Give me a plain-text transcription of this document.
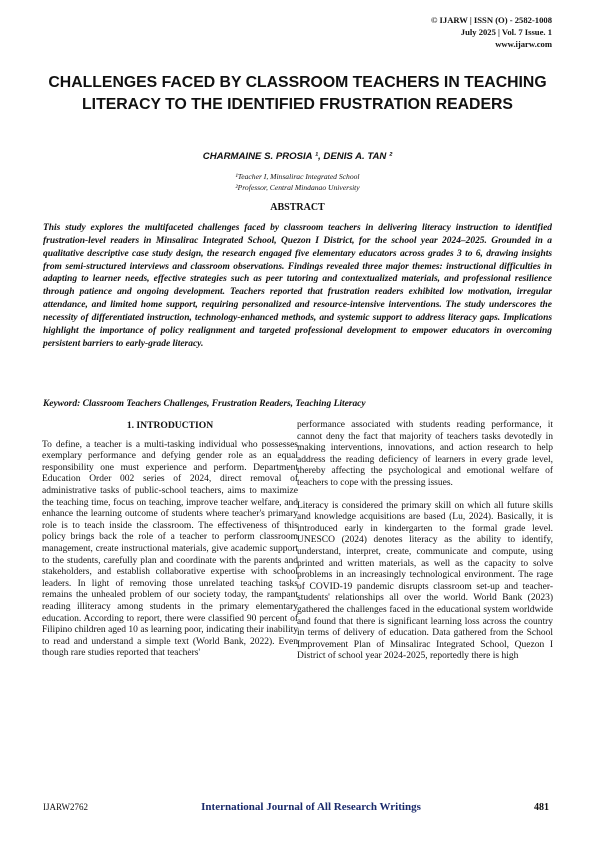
© IJARW | ISSN (O) - 2582-1008
July 2025 | Vol. 7 Issue. 1
www.ijarw.com
CHALLENGES FACED BY CLASSROOM TEACHERS IN TEACHING LITERACY TO THE IDENTIFIED FRUSTRATION READERS
CHARMAINE S. PROSIA ¹, DENIS A. TAN ²
¹Teacher I, Minsalirac Integrated School
²Professor, Central Mindanao University
ABSTRACT

This study explores the multifaceted challenges faced by classroom teachers in delivering literacy instruction to identified frustration-level readers in Minsalirac Integrated School, Quezon I District, for the school year 2024–2025. Grounded in a qualitative descriptive case study design, the research engaged five elementary educators across grades 3 to 6, drawing insights from semi-structured interviews and classroom observations. Findings revealed three major themes: instructional difficulties in adapting to learner needs, effective strategies such as peer tutoring and contextualized materials, and professional resilience through patience and ongoing development. Teachers reported that frustration readers exhibited low motivation, irregular attendance, and limited home support, requiring personalized and resource-intensive interventions. The study underscores the necessity of differentiated instruction, technology-enhanced methods, and systemic support to address literacy gaps. Implications highlight the importance of policy realignment and targeted professional development to empower educators in overcoming persistent barriers to early-grade literacy.

Keyword: Classroom Teachers Challenges, Frustration Readers, Teaching Literacy

1. INTRODUCTION

To define, a teacher is a multi-tasking individual who possesses exemplary performance and defying gender role as an equal responsibility one must experience and perform. Department Education Order 002 series of 2024, direct removal of administrative tasks of public-school teachers, aims to maximize the teaching time, focus on teaching, improve teacher welfare, and enhance the learning outcome of students where teacher's primary role is to teach inside the classroom. The effectiveness of this policy brings back the role of a teacher to perform classroom management, create instructional materials, give academic support to the students, carefully plan and coordinate with the parents and stakeholders, and establish collaborative expertise with school leaders. In light of removing those unrelated teaching tasks remains the unhealed problem of our society today, the rampant reading illiteracy among students in the primary elementary education. According to report, there were classified 90 percent of Filipino children aged 10 as learning poor, indicating their inability to read and understand a simple text (World Bank, 2022). Even though rare studies reported that teachers'

performance associated with students reading performance, it cannot deny the fact that majority of teachers tasks devotedly in making interventions, innovations, and action research to help address the reading deficiency of learners in every grade level, thereby affecting the psychological and emotional welfare of teachers to cope with the pressing issues.

Literacy is considered the primary skill on which all future skills and knowledge acquisitions are based (Lu, 2024). Basically, it is introduced early in kindergarten to the formal grade level. UNESCO (2024) denotes literacy as the ability to identify, understand, interpret, create, communicate and compute, using printed and written materials, as well as the capacity to solve problems in an increasingly technological environment. The rage of COVID-19 pandemic disrupts classroom set-up and teacher-students' relationships all over the world. World Bank (2023) gathered the challenges faced in the educational system worldwide and found that there is significant learning loss across the country in terms of delivery of education. Data gathered from the School Improvement Plan of Minsalirac Integrated School, Quezon I District of school year 2024-2025, reportedly there is high

IJARW2762	International Journal of All Research Writings	481
